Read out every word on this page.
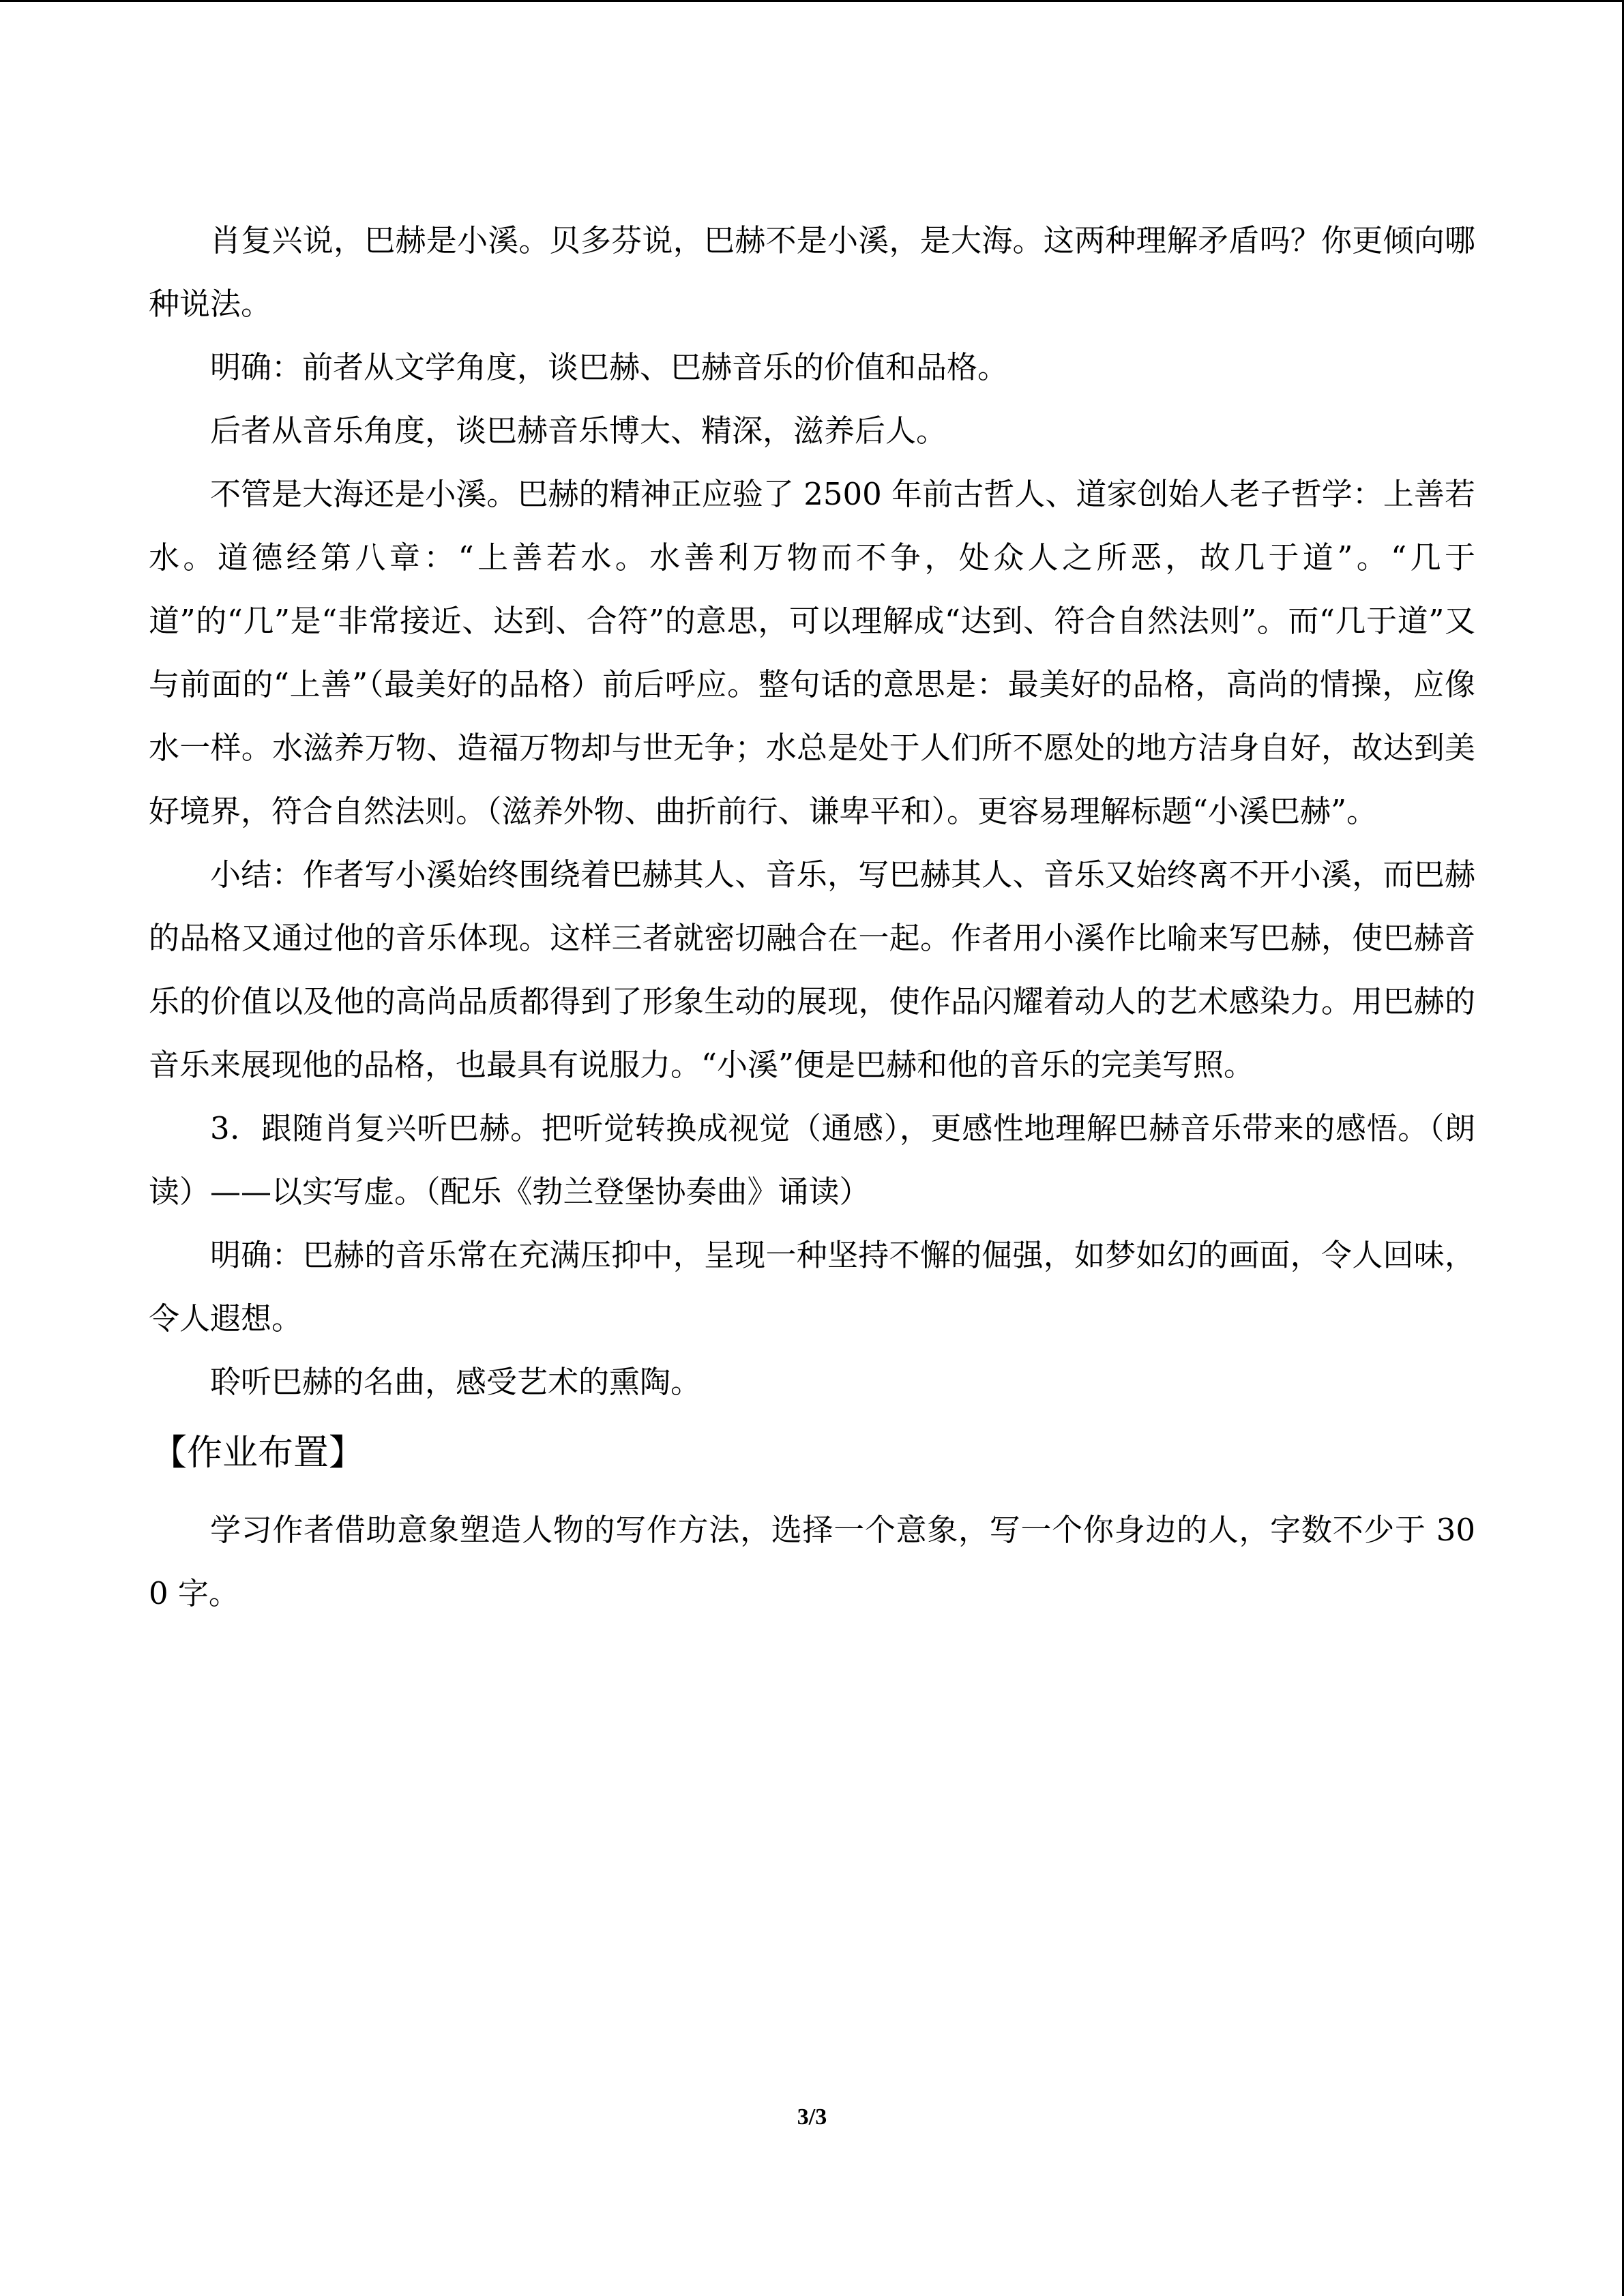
肖复兴说，巴赫是小溪。贝多芬说，巴赫不是小溪，是大海。这两种理解矛盾吗？你更倾向哪种说法。

明确：前者从文学角度，谈巴赫、巴赫音乐的价值和品格。

后者从音乐角度，谈巴赫音乐博大、精深，滋养后人。

不管是大海还是小溪。巴赫的精神正应验了 2500 年前古哲人、道家创始人老子哲学：上善若水。道德经第八章：“上善若水。水善利万物而不争，处众人之所恶，故几于道”。“几于道”的“几”是“非常接近、达到、合符”的意思，可以理解成“达到、符合自然法则”。而“几于道”又与前面的“上善”（最美好的品格）前后呼应。整句话的意思是：最美好的品格，高尚的情操，应像水一样。水滋养万物、造福万物却与世无争；水总是处于人们所不愿处的地方洁身自好，故达到美好境界，符合自然法则。（滋养外物、曲折前行、谦卑平和）。更容易理解标题“小溪巴赫”。

小结：作者写小溪始终围绕着巴赫其人、音乐，写巴赫其人、音乐又始终离不开小溪，而巴赫的品格又通过他的音乐体现。这样三者就密切融合在一起。作者用小溪作比喻来写巴赫，使巴赫音乐的价值以及他的高尚品质都得到了形象生动的展现，使作品闪耀着动人的艺术感染力。用巴赫的音乐来展现他的品格，也最具有说服力。“小溪”便是巴赫和他的音乐的完美写照。

3．跟随肖复兴听巴赫。把听觉转换成视觉（通感），更感性地理解巴赫音乐带来的感悟。（朗读）——以实写虚。（配乐《勃兰登堡协奏曲》诵读）

明确：巴赫的音乐常在充满压抑中，呈现一种坚持不懈的倔强，如梦如幻的画面，令人回味，令人遐想。

聆听巴赫的名曲，感受艺术的熏陶。

【作业布置】

学习作者借助意象塑造人物的写作方法，选择一个意象，写一个你身边的人，字数不少于 300 字。

3/3
